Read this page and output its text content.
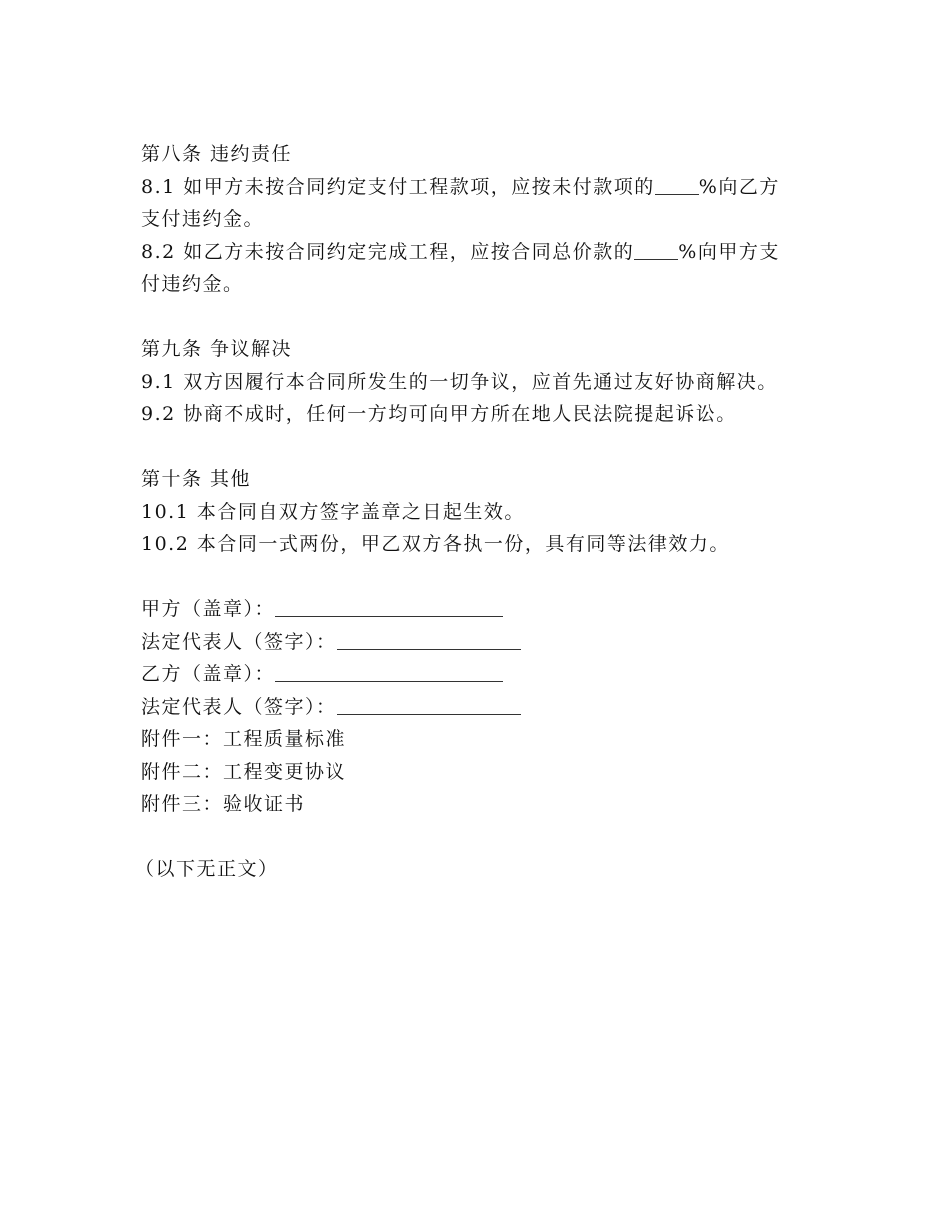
第八条 违约责任
8.1 如甲方未按合同约定支付工程款项，应按未付款项的 %向乙方
支付违约金。
8.2 如乙方未按合同约定完成工程，应按合同总价款的 %向甲方支
付违约金。
第九条 争议解决
9.1 双方因履行本合同所发生的一切争议，应首先通过友好协商解决。
9.2 协商不成时，任何一方均可向甲方所在地人民法院提起诉讼。
第十条 其他
10.1 本合同自双方签字盖章之日起生效。
10.2 本合同一式两份，甲乙双方各执一份，具有同等法律效力。
甲方（盖章）：
法定代表人（签字）：
乙方（盖章）：
法定代表人（签字）：
附件一：工程质量标准
附件二：工程变更协议
附件三：验收证书
（以下无正文）
